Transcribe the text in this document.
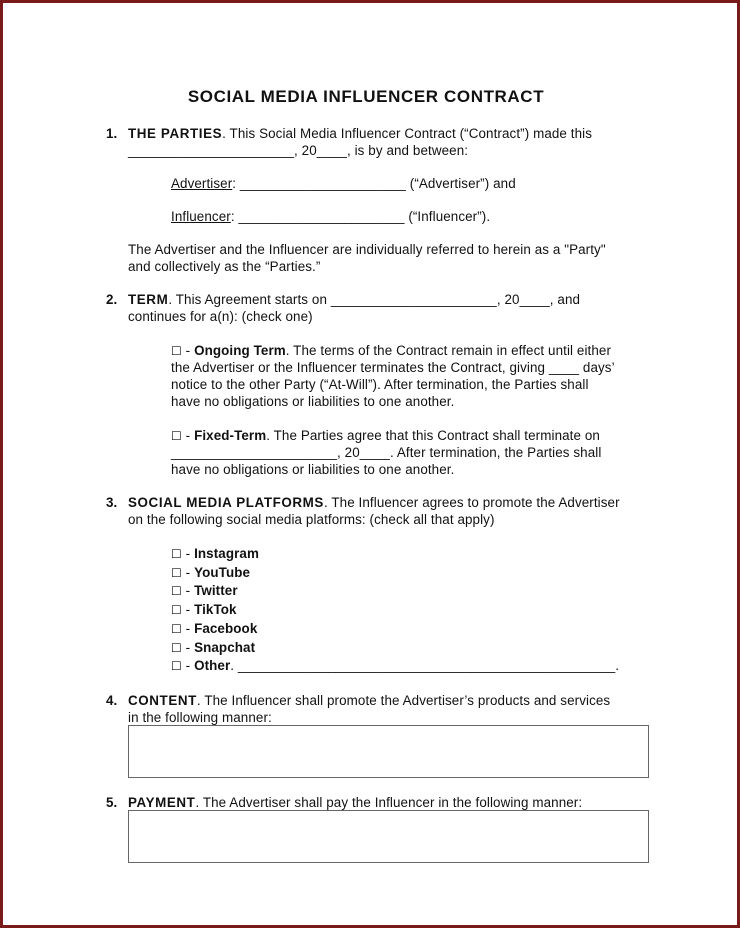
SOCIAL MEDIA INFLUENCER CONTRACT
1. THE PARTIES. This Social Media Influencer Contract (“Contract”) made this
______________________, 20____, is by and between:
Advertiser: ______________________ (“Advertiser”) and
Influencer: ______________________ (“Influencer”).
The Advertiser and the Influencer are individually referred to herein as a "Party"
and collectively as the “Parties.”
2. TERM. This Agreement starts on ______________________, 20____, and
continues for a(n): (check one)
☐ - Ongoing Term. The terms of the Contract remain in effect until either
the Advertiser or the Influencer terminates the Contract, giving ____ days’
notice to the other Party (“At-Will”). After termination, the Parties shall
have no obligations or liabilities to one another.
☐ - Fixed-Term. The Parties agree that this Contract shall terminate on
______________________, 20____. After termination, the Parties shall
have no obligations or liabilities to one another.
3. SOCIAL MEDIA PLATFORMS. The Influencer agrees to promote the Advertiser
on the following social media platforms: (check all that apply)
☐ - Instagram
☐ - YouTube
☐ - Twitter
☐ - TikTok
☐ - Facebook
☐ - Snapchat
☐ - Other. __________________________________________________.
4. CONTENT. The Influencer shall promote the Advertiser’s products and services
in the following manner:
5. PAYMENT. The Advertiser shall pay the Influencer in the following manner:
